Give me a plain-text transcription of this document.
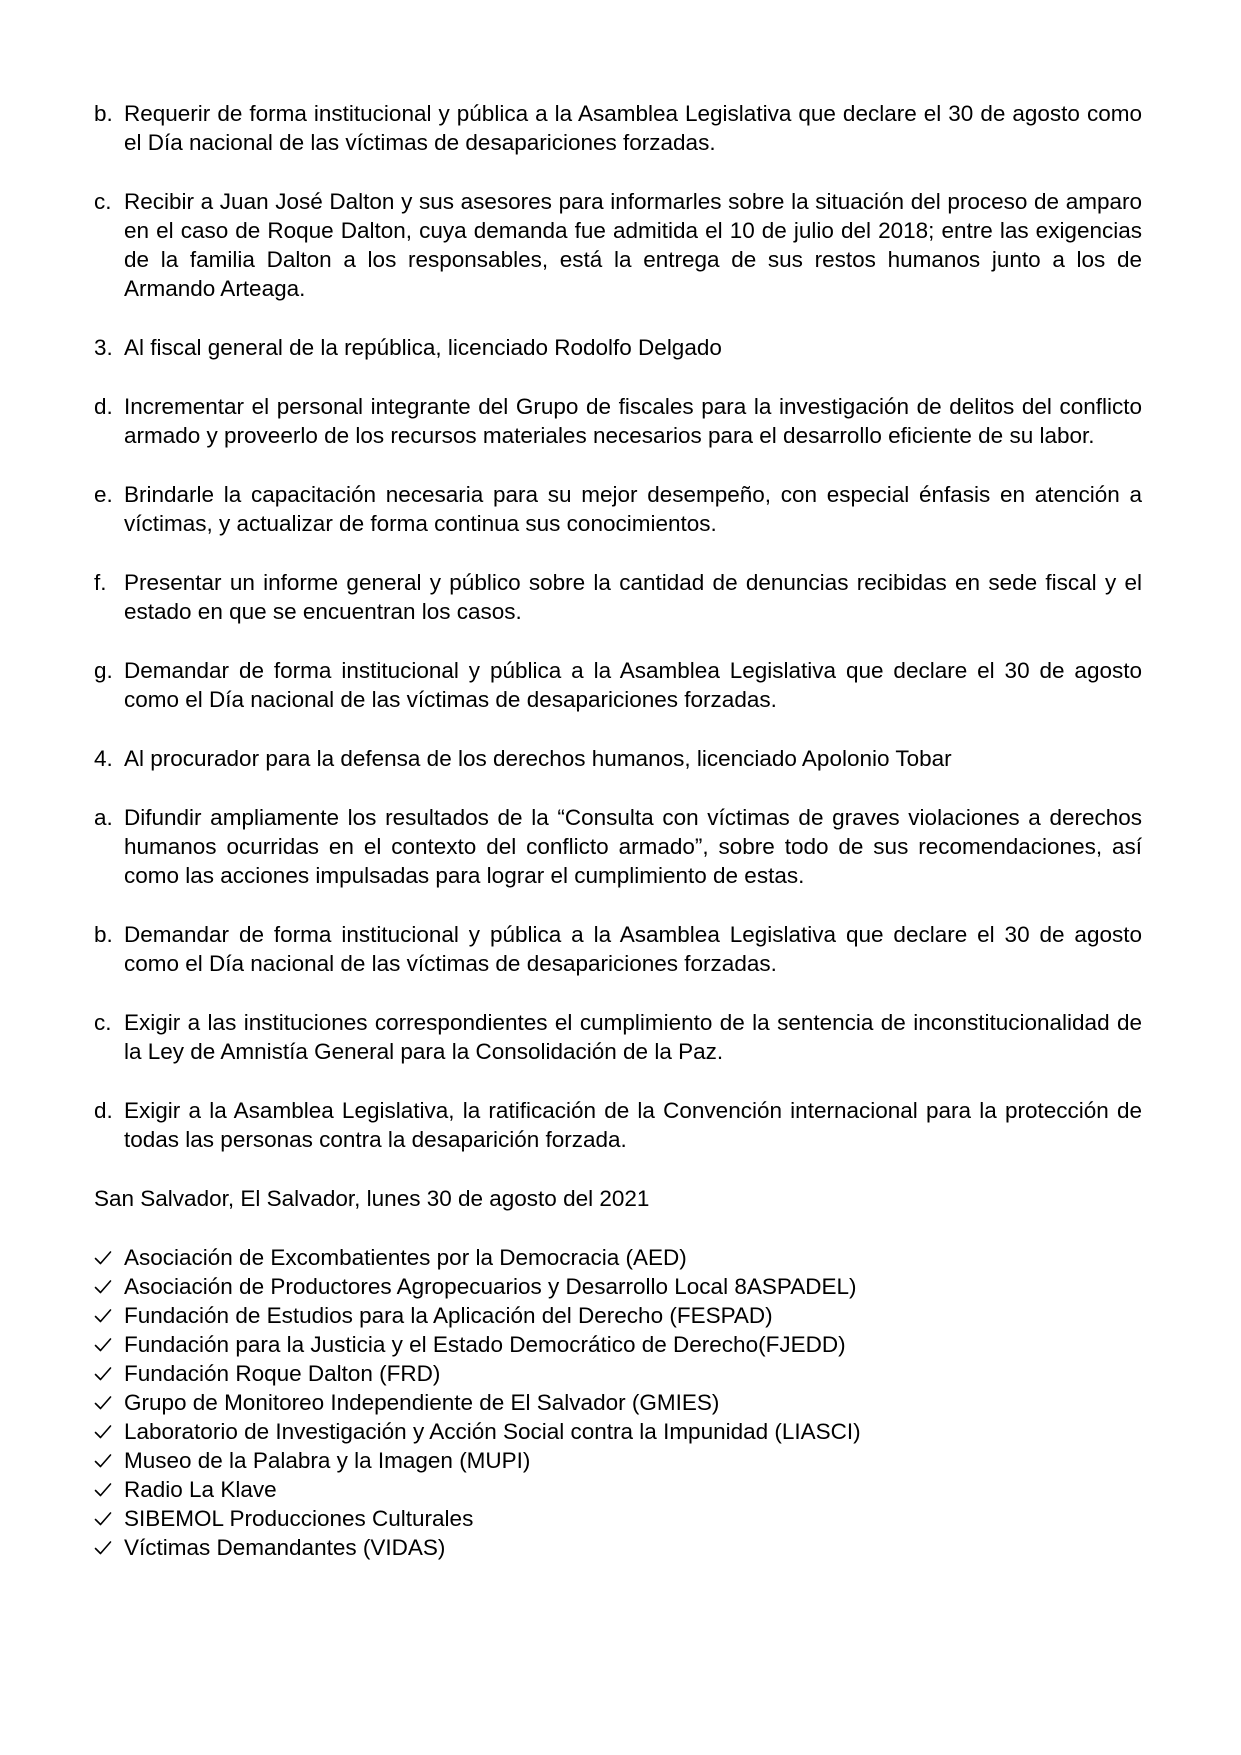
b. Requerir de forma institucional y pública a la Asamblea Legislativa que declare el 30 de agosto como el Día nacional de las víctimas de desapariciones forzadas.
c. Recibir a Juan José Dalton y sus asesores para informarles sobre la situación del proceso de amparo en el caso de Roque Dalton, cuya demanda fue admitida el 10 de julio del 2018; entre las exigencias de la familia Dalton a los responsables, está la entrega de sus restos humanos junto a los de Armando Arteaga.
3. Al fiscal general de la república, licenciado Rodolfo Delgado
d. Incrementar el personal integrante del Grupo de fiscales para la investigación de delitos del conflicto armado y proveerlo de los recursos materiales necesarios para el desarrollo eficiente de su labor.
e. Brindarle la capacitación necesaria para su mejor desempeño, con especial énfasis en atención a víctimas, y actualizar de forma continua sus conocimientos.
f. Presentar un informe general y público sobre la cantidad de denuncias recibidas en sede fiscal y el estado en que se encuentran los casos.
g. Demandar de forma institucional y pública a la Asamblea Legislativa que declare el 30 de agosto como el Día nacional de las víctimas de desapariciones forzadas.
4. Al procurador para la defensa de los derechos humanos, licenciado Apolonio Tobar
a. Difundir ampliamente los resultados de la “Consulta con víctimas de graves violaciones a derechos humanos ocurridas en el contexto del conflicto armado”, sobre todo de sus recomendaciones, así como las acciones impulsadas para lograr el cumplimiento de estas.
b. Demandar de forma institucional y pública a la Asamblea Legislativa que declare el 30 de agosto como el Día nacional de las víctimas de desapariciones forzadas.
c. Exigir a las instituciones correspondientes el cumplimiento de la sentencia de inconstitucionalidad de la Ley de Amnistía General para la Consolidación de la Paz.
d. Exigir a la Asamblea Legislativa, la ratificación de la Convención internacional para la protección de todas las personas contra la desaparición forzada.

San Salvador, El Salvador, lunes 30 de agosto del 2021

Asociación de Excombatientes por la Democracia (AED)
Asociación de Productores Agropecuarios y Desarrollo Local 8ASPADEL)
Fundación de Estudios para la Aplicación del Derecho (FESPAD)
Fundación para la Justicia y el Estado Democrático de Derecho(FJEDD)
Fundación Roque Dalton (FRD)
Grupo de Monitoreo Independiente de El Salvador (GMIES)
Laboratorio de Investigación y Acción Social contra la Impunidad (LIASCI)
Museo de la Palabra y la Imagen (MUPI)
Radio La Klave
SIBEMOL Producciones Culturales
Víctimas Demandantes (VIDAS)
